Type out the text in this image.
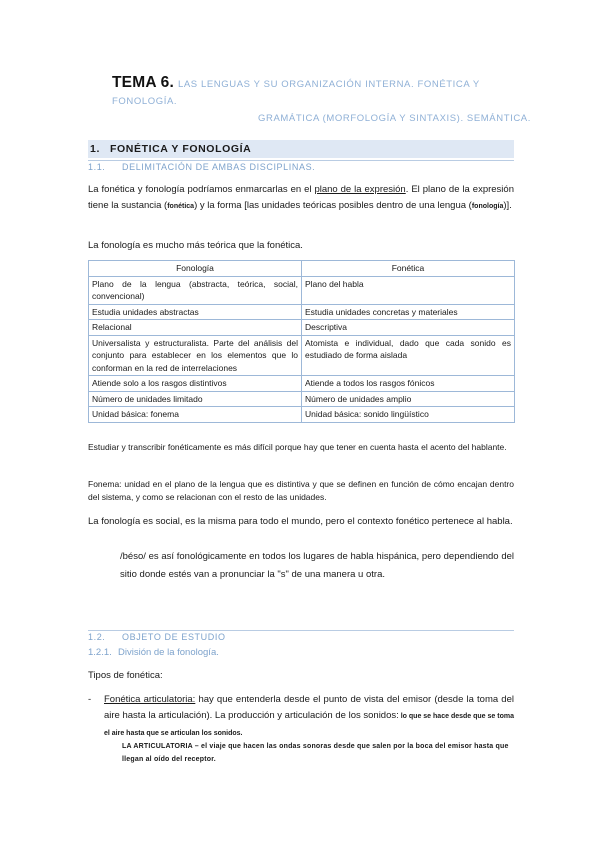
TEMA 6. LAS LENGUAS Y SU ORGANIZACIÓN INTERNA. FONÉTICA Y FONOLOGÍA.
GRAMÁTICA (MORFOLOGÍA Y SINTAXIS). SEMÁNTICA.
1. FONÉTICA Y FONOLOGÍA
1.1. DELIMITACIÓN DE AMBAS DISCIPLINAS.
La fonética y fonología podríamos enmarcarlas en el plano de la expresión. El plano de la expresión tiene la sustancia (fonética) y la forma [las unidades teóricas posibles dentro de una lengua (fonología)].
La fonología es mucho más teórica que la fonética.
Fonología	Fonética
Plano de la lengua (abstracta, teórica, social, convencional)	Plano del habla
Estudia unidades abstractas	Estudia unidades concretas y materiales
Relacional	Descriptiva
Universalista y estructuralista. Parte del análisis del conjunto para establecer en los elementos que lo conforman en la red de interrelaciones	Atomista e individual, dado que cada sonido es estudiado de forma aislada
Atiende solo a los rasgos distintivos	Atiende a todos los rasgos fónicos
Número de unidades limitado	Número de unidades amplio
Unidad básica: fonema	Unidad básica: sonido lingüístico
Estudiar y transcribir fonéticamente es más difícil porque hay que tener en cuenta hasta el acento del hablante.
Fonema: unidad en el plano de la lengua que es distintiva y que se definen en función de cómo encajan dentro del sistema, y como se relacionan con el resto de las unidades.
La fonología es social, es la misma para todo el mundo, pero el contexto fonético pertenece al habla.
/béso/ es así fonológicamente en todos los lugares de habla hispánica, pero dependiendo del sitio donde estés van a pronunciar la "s" de una manera u otra.
1.2. OBJETO DE ESTUDIO
1.2.1. División de la fonología.
Tipos de fonética:
- Fonética articulatoria: hay que entenderla desde el punto de vista del emisor (desde la toma del aire hasta la articulación). La producción y articulación de los sonidos: lo que se hace desde que se toma el aire hasta que se articulan los sonidos.
LA ARTICULATORIA – el viaje que hacen las ondas sonoras desde que salen por la boca del emisor hasta que llegan al oído del receptor.
